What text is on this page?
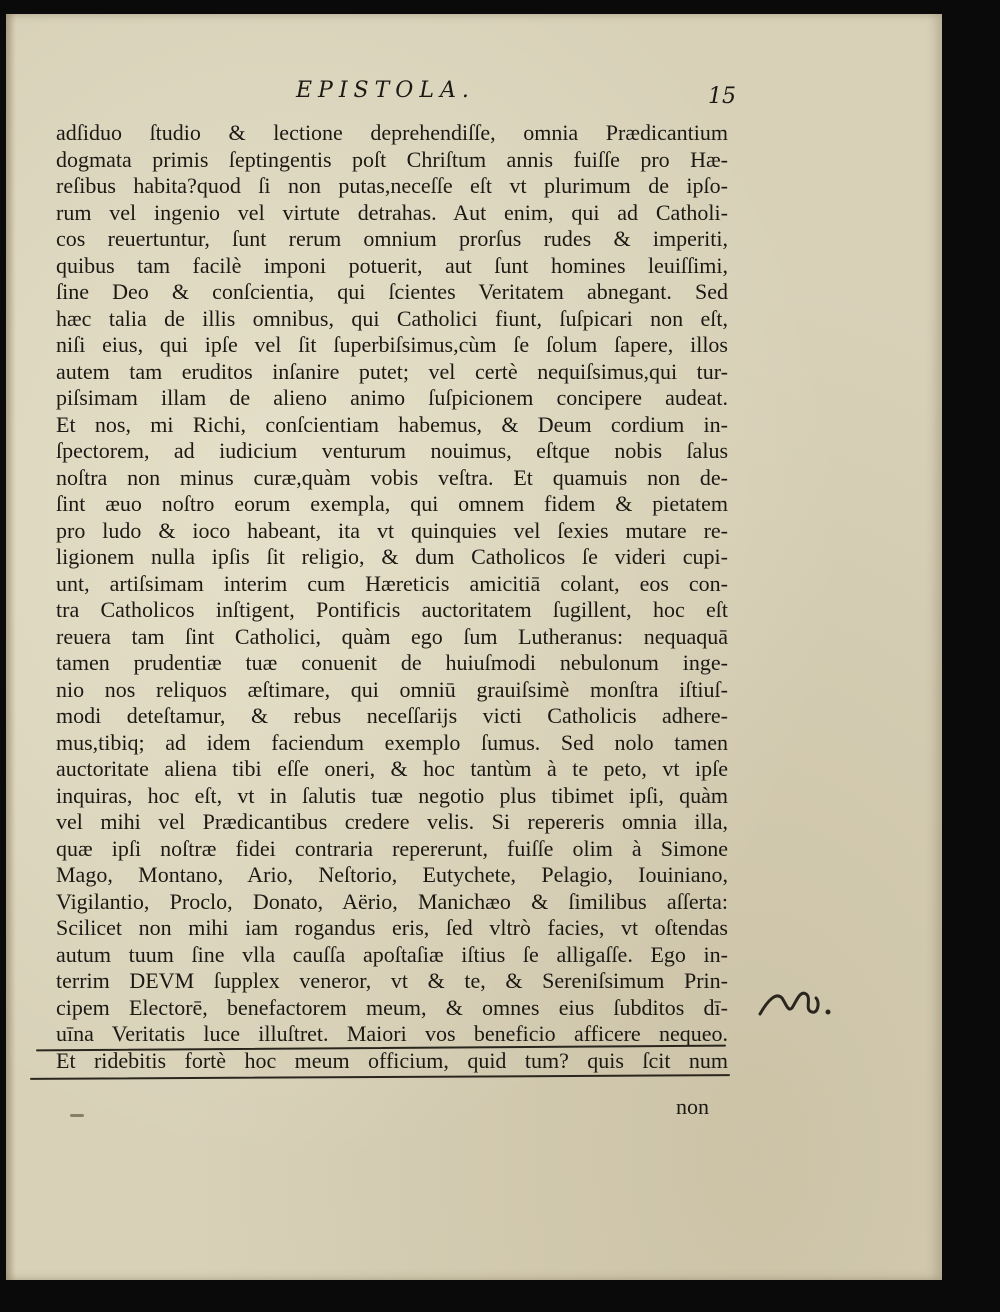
EPISTOLA.	15
adſiduo ſtudio & lectione deprehendiſſe, omnia Prædicantium
dogmata primis ſeptingentis poſt Chriſtum annis fuiſſe pro Hæ-
reſibus habita?quod ſi non putas,neceſſe eſt vt plurimum de ipſo-
rum vel ingenio vel virtute detrahas. Aut enim, qui ad Catholi-
cos reuertuntur, ſunt rerum omnium prorſus rudes & imperiti,
quibus tam facilè imponi potuerit, aut ſunt homines leuiſſimi,
ſine Deo & conſcientia, qui ſcientes Veritatem abnegant. Sed
hæc talia de illis omnibus, qui Catholici fiunt, ſuſpicari non eſt,
niſi eius, qui ipſe vel ſit ſuperbiſsimus,cùm ſe ſolum ſapere, illos
autem tam eruditos inſanire putet; vel certè nequiſsimus,qui tur-
piſsimam illam de alieno animo ſuſpicionem concipere audeat.
Et nos, mi Richi, conſcientiam habemus, & Deum cordium in-
ſpectorem, ad iudicium venturum nouimus, eſtque nobis ſalus
noſtra non minus curæ,quàm vobis veſtra. Et quamuis non de-
ſint æuo noſtro eorum exempla, qui omnem fidem & pietatem
pro ludo & ioco habeant, ita vt quinquies vel ſexies mutare re-
ligionem nulla ipſis ſit religio, & dum Catholicos ſe videri cupi-
unt, artiſsimam interim cum Hæreticis amicitiā colant, eos con-
tra Catholicos inſtigent, Pontificis auctoritatem ſugillent, hoc eſt
reuera tam ſint Catholici, quàm ego ſum Lutheranus: nequaquā
tamen prudentiæ tuæ conuenit de huiuſmodi nebulonum inge-
nio nos reliquos æſtimare, qui omniū grauiſsimè monſtra iſtiuſ-
modi deteſtamur, & rebus neceſſarijs victi Catholicis adhere-
mus,tibiq; ad idem faciendum exemplo ſumus. Sed nolo tamen
auctoritate aliena tibi eſſe oneri, & hoc tantùm à te peto, vt ipſe
inquiras, hoc eſt, vt in ſalutis tuæ negotio plus tibimet ipſi, quàm
vel mihi vel Prædicantibus credere velis. Si repereris omnia illa,
quæ ipſi noſtræ fidei contraria repererunt, fuiſſe olim à Simone
Mago, Montano, Ario, Neſtorio, Eutychete, Pelagio, Iouiniano,
Vigilantio, Proclo, Donato, Aërio, Manichæo & ſimilibus aſſerta:
Scilicet non mihi iam rogandus eris, ſed vltrò facies, vt oſtendas
autum tuum ſine vlla cauſſa apoſtaſiæ iſtius ſe alligaſſe. Ego in-
terrim DEVM ſupplex veneror, vt & te, & Sereniſsimum Prin-
cipem Electorē, benefactorem meum, & omnes eius ſubditos dī-
uīna Veritatis luce illuſtret. Maiori vos beneficio afficere nequeo.
Et ridebitis fortè hoc meum officium, quid tum? quis ſcit num
non
